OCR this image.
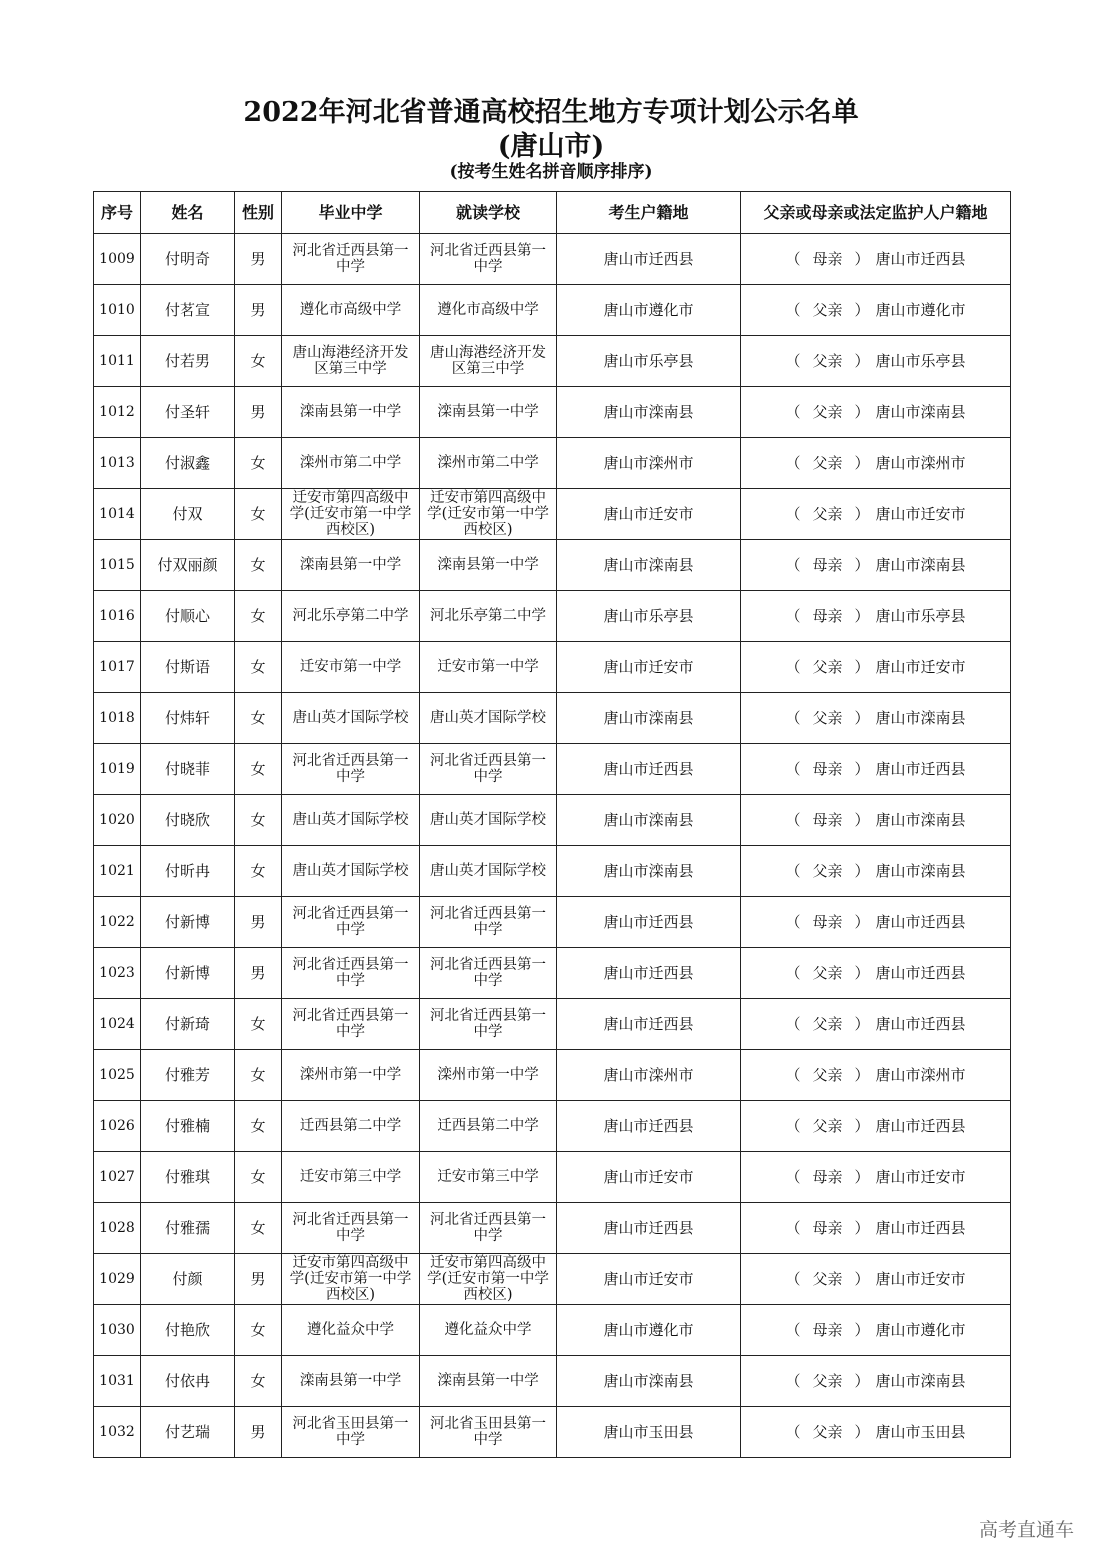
2022年河北省普通高校招生地方专项计划公示名单
(唐山市)
(按考生姓名拼音顺序排序)
序号	姓名	性别	毕业中学	就读学校	考生户籍地	父亲或母亲或法定监护人户籍地
1009	付明奇	男	河北省迁西县第一中学	河北省迁西县第一中学	唐山市迁西县	（ 母亲 ） 唐山市迁西县
1010	付茗宣	男	遵化市高级中学	遵化市高级中学	唐山市遵化市	（ 父亲 ） 唐山市遵化市
1011	付若男	女	唐山海港经济开发区第三中学	唐山海港经济开发区第三中学	唐山市乐亭县	（ 父亲 ） 唐山市乐亭县
1012	付圣轩	男	滦南县第一中学	滦南县第一中学	唐山市滦南县	（ 父亲 ） 唐山市滦南县
1013	付淑鑫	女	滦州市第二中学	滦州市第二中学	唐山市滦州市	（ 父亲 ） 唐山市滦州市
1014	付双	女	迁安市第四高级中学(迁安市第一中学西校区)	迁安市第四高级中学(迁安市第一中学西校区)	唐山市迁安市	（ 父亲 ） 唐山市迁安市
1015	付双丽颜	女	滦南县第一中学	滦南县第一中学	唐山市滦南县	（ 母亲 ） 唐山市滦南县
1016	付顺心	女	河北乐亭第二中学	河北乐亭第二中学	唐山市乐亭县	（ 母亲 ） 唐山市乐亭县
1017	付斯语	女	迁安市第一中学	迁安市第一中学	唐山市迁安市	（ 父亲 ） 唐山市迁安市
1018	付炜轩	女	唐山英才国际学校	唐山英才国际学校	唐山市滦南县	（ 父亲 ） 唐山市滦南县
1019	付晓菲	女	河北省迁西县第一中学	河北省迁西县第一中学	唐山市迁西县	（ 母亲 ） 唐山市迁西县
1020	付晓欣	女	唐山英才国际学校	唐山英才国际学校	唐山市滦南县	（ 母亲 ） 唐山市滦南县
1021	付昕冉	女	唐山英才国际学校	唐山英才国际学校	唐山市滦南县	（ 父亲 ） 唐山市滦南县
1022	付新博	男	河北省迁西县第一中学	河北省迁西县第一中学	唐山市迁西县	（ 母亲 ） 唐山市迁西县
1023	付新博	男	河北省迁西县第一中学	河北省迁西县第一中学	唐山市迁西县	（ 父亲 ） 唐山市迁西县
1024	付新琦	女	河北省迁西县第一中学	河北省迁西县第一中学	唐山市迁西县	（ 父亲 ） 唐山市迁西县
1025	付雅芳	女	滦州市第一中学	滦州市第一中学	唐山市滦州市	（ 父亲 ） 唐山市滦州市
1026	付雅楠	女	迁西县第二中学	迁西县第二中学	唐山市迁西县	（ 父亲 ） 唐山市迁西县
1027	付雅琪	女	迁安市第三中学	迁安市第三中学	唐山市迁安市	（ 母亲 ） 唐山市迁安市
1028	付雅孺	女	河北省迁西县第一中学	河北省迁西县第一中学	唐山市迁西县	（ 母亲 ） 唐山市迁西县
1029	付颜	男	迁安市第四高级中学(迁安市第一中学西校区)	迁安市第四高级中学(迁安市第一中学西校区)	唐山市迁安市	（ 父亲 ） 唐山市迁安市
1030	付艳欣	女	遵化益众中学	遵化益众中学	唐山市遵化市	（ 母亲 ） 唐山市遵化市
1031	付依冉	女	滦南县第一中学	滦南县第一中学	唐山市滦南县	（ 父亲 ） 唐山市滦南县
1032	付艺瑞	男	河北省玉田县第一中学	河北省玉田县第一中学	唐山市玉田县	（ 父亲 ） 唐山市玉田县
高考直通车
